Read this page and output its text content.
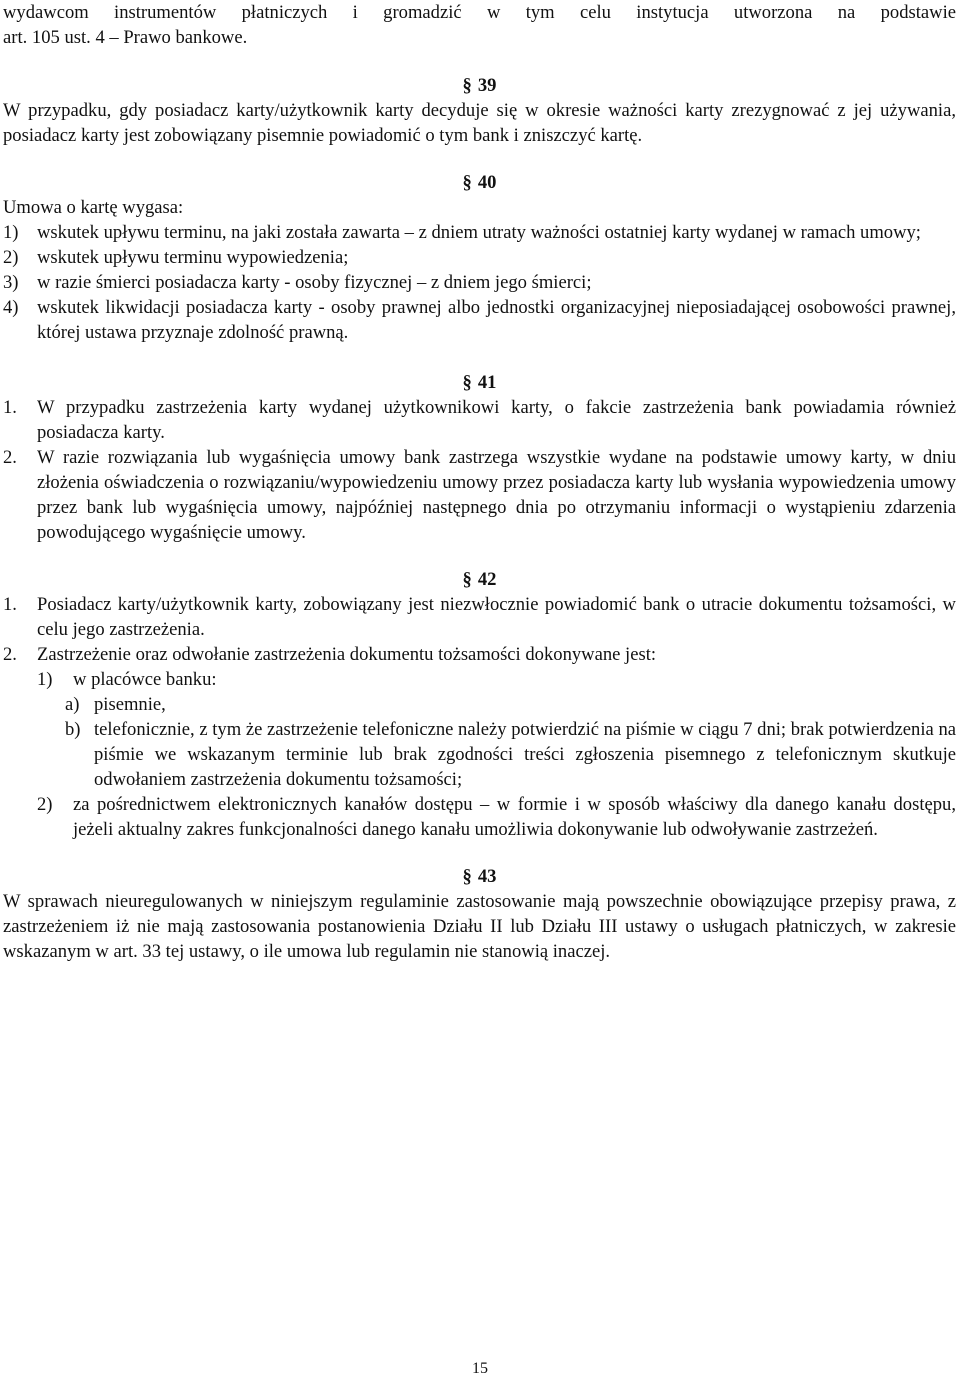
wydawcom instrumentów płatniczych i gromadzić w tym celu instytucja utworzona na podstawie

art. 105 ust. 4 – Prawo bankowe.

§ 39

W przypadku, gdy posiadacz karty/użytkownik karty decyduje się w okresie ważności karty zrezygnować z jej używania, posiadacz karty jest zobowiązany pisemnie powiadomić o tym bank i zniszczyć kartę.

§ 40

Umowa o kartę wygasa:

1) wskutek upływu terminu, na jaki została zawarta – z dniem utraty ważności ostatniej karty wydanej w ramach umowy;
2) wskutek upływu terminu wypowiedzenia;
3) w razie śmierci posiadacza karty - osoby fizycznej – z dniem jego śmierci;
4) wskutek likwidacji posiadacza karty - osoby prawnej albo jednostki organizacyjnej nieposiadającej osobowości prawnej, której ustawa przyznaje zdolność prawną.

§ 41

1.	W przypadku zastrzeżenia karty wydanej użytkownikowi karty, o fakcie zastrzeżenia bank powiadamia również posiadacza karty.
2.	W razie rozwiązania lub wygaśnięcia umowy bank zastrzega wszystkie wydane na podstawie umowy karty, w dniu złożenia oświadczenia o rozwiązaniu/wypowiedzeniu umowy przez posiadacza karty lub wysłania wypowiedzenia umowy przez bank lub wygaśnięcia umowy, najpóźniej następnego dnia po otrzymaniu informacji o wystąpieniu zdarzenia powodującego wygaśnięcie umowy.

§ 42

1.	Posiadacz karty/użytkownik karty, zobowiązany jest niezwłocznie powiadomić bank o utracie dokumentu tożsamości, w celu jego zastrzeżenia.
2.	Zastrzeżenie oraz odwołanie zastrzeżenia dokumentu tożsamości dokonywane jest:
1)	w placówce banku:
a) pisemnie,
b) telefonicznie, z tym że zastrzeżenie telefoniczne należy potwierdzić na piśmie w ciągu 7 dni; brak potwierdzenia na piśmie we wskazanym terminie lub brak zgodności treści zgłoszenia pisemnego z telefonicznym skutkuje odwołaniem zastrzeżenia dokumentu tożsamości;
2)	za pośrednictwem elektronicznych kanałów dostępu – w formie i w sposób właściwy dla danego kanału dostępu, jeżeli aktualny zakres funkcjonalności danego kanału umożliwia dokonywanie lub odwoływanie zastrzeżeń.

§ 43

W sprawach nieuregulowanych w niniejszym regulaminie zastosowanie mają powszechnie obowiązujące przepisy prawa, z zastrzeżeniem iż nie mają zastosowania postanowienia Działu II lub Działu III ustawy o usługach płatniczych, w zakresie wskazanym w art. 33 tej ustawy, o ile umowa lub regulamin nie stanowią inaczej.

15
